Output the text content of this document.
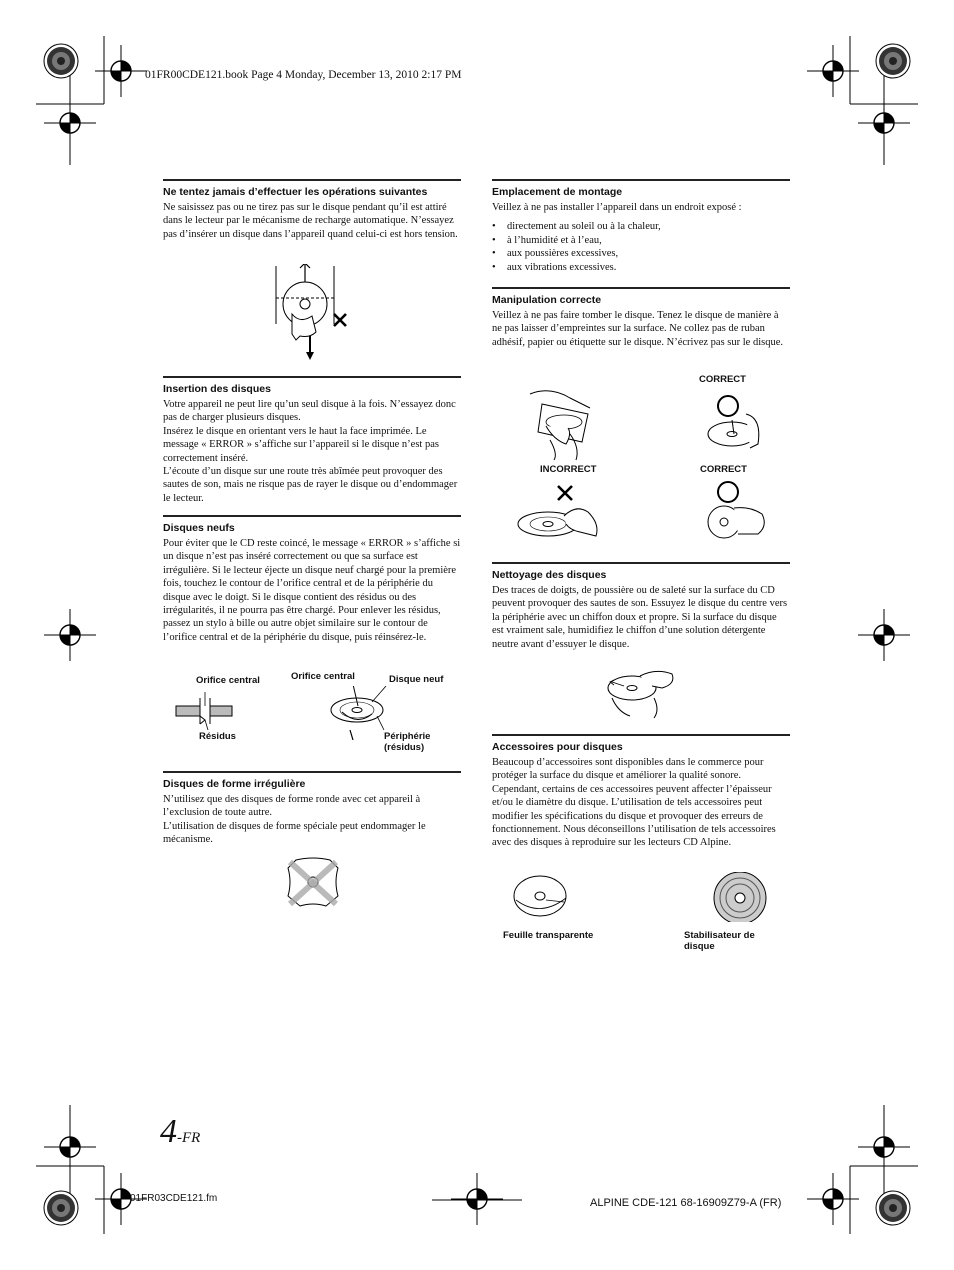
01FR00CDE121.book Page 4 Monday, December 13, 2010 2:17 PM
Ne tentez jamais d’effectuer les opérations suivantes

Ne saisissez pas ou ne tirez pas sur le disque pendant qu’il est attiré dans le lecteur par le mécanisme de recharge automatique. N’essayez pas d’insérer un disque dans l’appareil quand celui-ci est hors tension.

Insertion des disques

Votre appareil ne peut lire qu’un seul disque à la fois. N’essayez donc pas de charger plusieurs disques.

Insérez le disque en orientant vers le haut la face imprimée. Le message « ERROR » s’affiche sur l’appareil si le disque n’est pas correctement inséré.

L’écoute d’un disque sur une route très abîmée peut provoquer des sautes de son, mais ne risque pas de rayer le disque ou d’endommager le lecteur.

Disques neufs

Pour éviter que le CD reste coincé, le message « ERROR » s’affiche si un disque n’est pas inséré correctement ou que sa surface est irrégulière. Si le lecteur éjecte un disque neuf chargé pour la première fois, touchez le contour de l’orifice central et de la périphérie du disque avec le doigt. Si le disque contient des résidus ou des irrégularités, il ne pourra pas être chargé. Pour enlever les résidus, passez un stylo à bille ou autre objet similaire sur le contour de l’orifice central et de la périphérie du disque, puis réinsérez-le.

Orifice central	Orifice central	Disque neuf
Résidus	Périphérie (résidus)
Disques de forme irrégulière

N’utilisez que des disques de forme ronde avec cet appareil à l’exclusion de toute autre.

L’utilisation de disques de forme spéciale peut endommager le mécanisme.

Emplacement de montage

Veillez à ne pas installer l’appareil dans un endroit exposé :

• directement au soleil ou à la chaleur,
• à l’humidité et à l’eau,
• aux poussières excessives,
• aux vibrations excessives.
Manipulation correcte

Veillez à ne pas faire tomber le disque. Tenez le disque de manière à ne pas laisser d’empreintes sur la surface. Ne collez pas de ruban adhésif, papier ou étiquette sur le disque. N’écrivez pas sur le disque.

CORRECT
INCORRECT	CORRECT
Nettoyage des disques

Des traces de doigts, de poussière ou de saleté sur la surface du CD peuvent provoquer des sautes de son. Essuyez le disque du centre vers la périphérie avec un chiffon doux et propre. Si la surface du disque est vraiment sale, humidifiez le chiffon d’une solution détergente neutre avant d’essuyer le disque.

Accessoires pour disques

Beaucoup d’accessoires sont disponibles dans le commerce pour protéger la surface du disque et améliorer la qualité sonore. Cependant, certains de ces accessoires peuvent affecter l’épaisseur et/ou le diamètre du disque. L’utilisation de tels accessoires peut modifier les spécifications du disque et provoquer des erreurs de fonctionnement. Nous déconseillons l’utilisation de tels accessoires avec des disques à reproduire sur les lecteurs CD Alpine.

Feuille transparente	Stabilisateur de disque
4-FR
01FR03CDE121.fm	ALPINE CDE-121 68-16909Z79-A (FR)
